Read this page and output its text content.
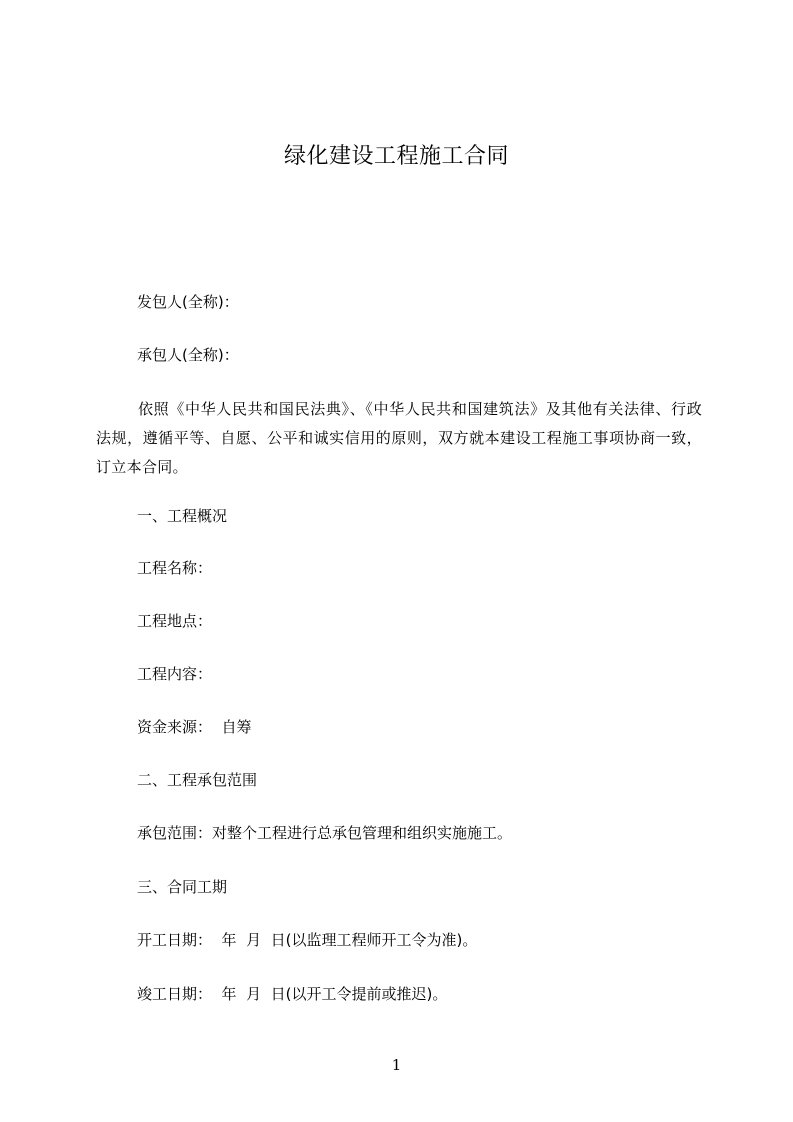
绿化建设工程施工合同
发包人(全称)：
承包人(全称)：
依照《中华人民共和国民法典》、《中华人民共和国建筑法》及其他有关法律、行政法规，遵循平等、自愿、公平和诚实信用的原则，双方就本建设工程施工事项协商一致，订立本合同。
一、工程概况
工程名称：
工程地点：
工程内容：
资金来源：  自筹
二、工程承包范围
承包范围：对整个工程进行总承包管理和组织实施施工。
三、合同工期
开工日期：  年  月  日(以监理工程师开工令为准)。
竣工日期：  年  月  日(以开工令提前或推迟)。
1
